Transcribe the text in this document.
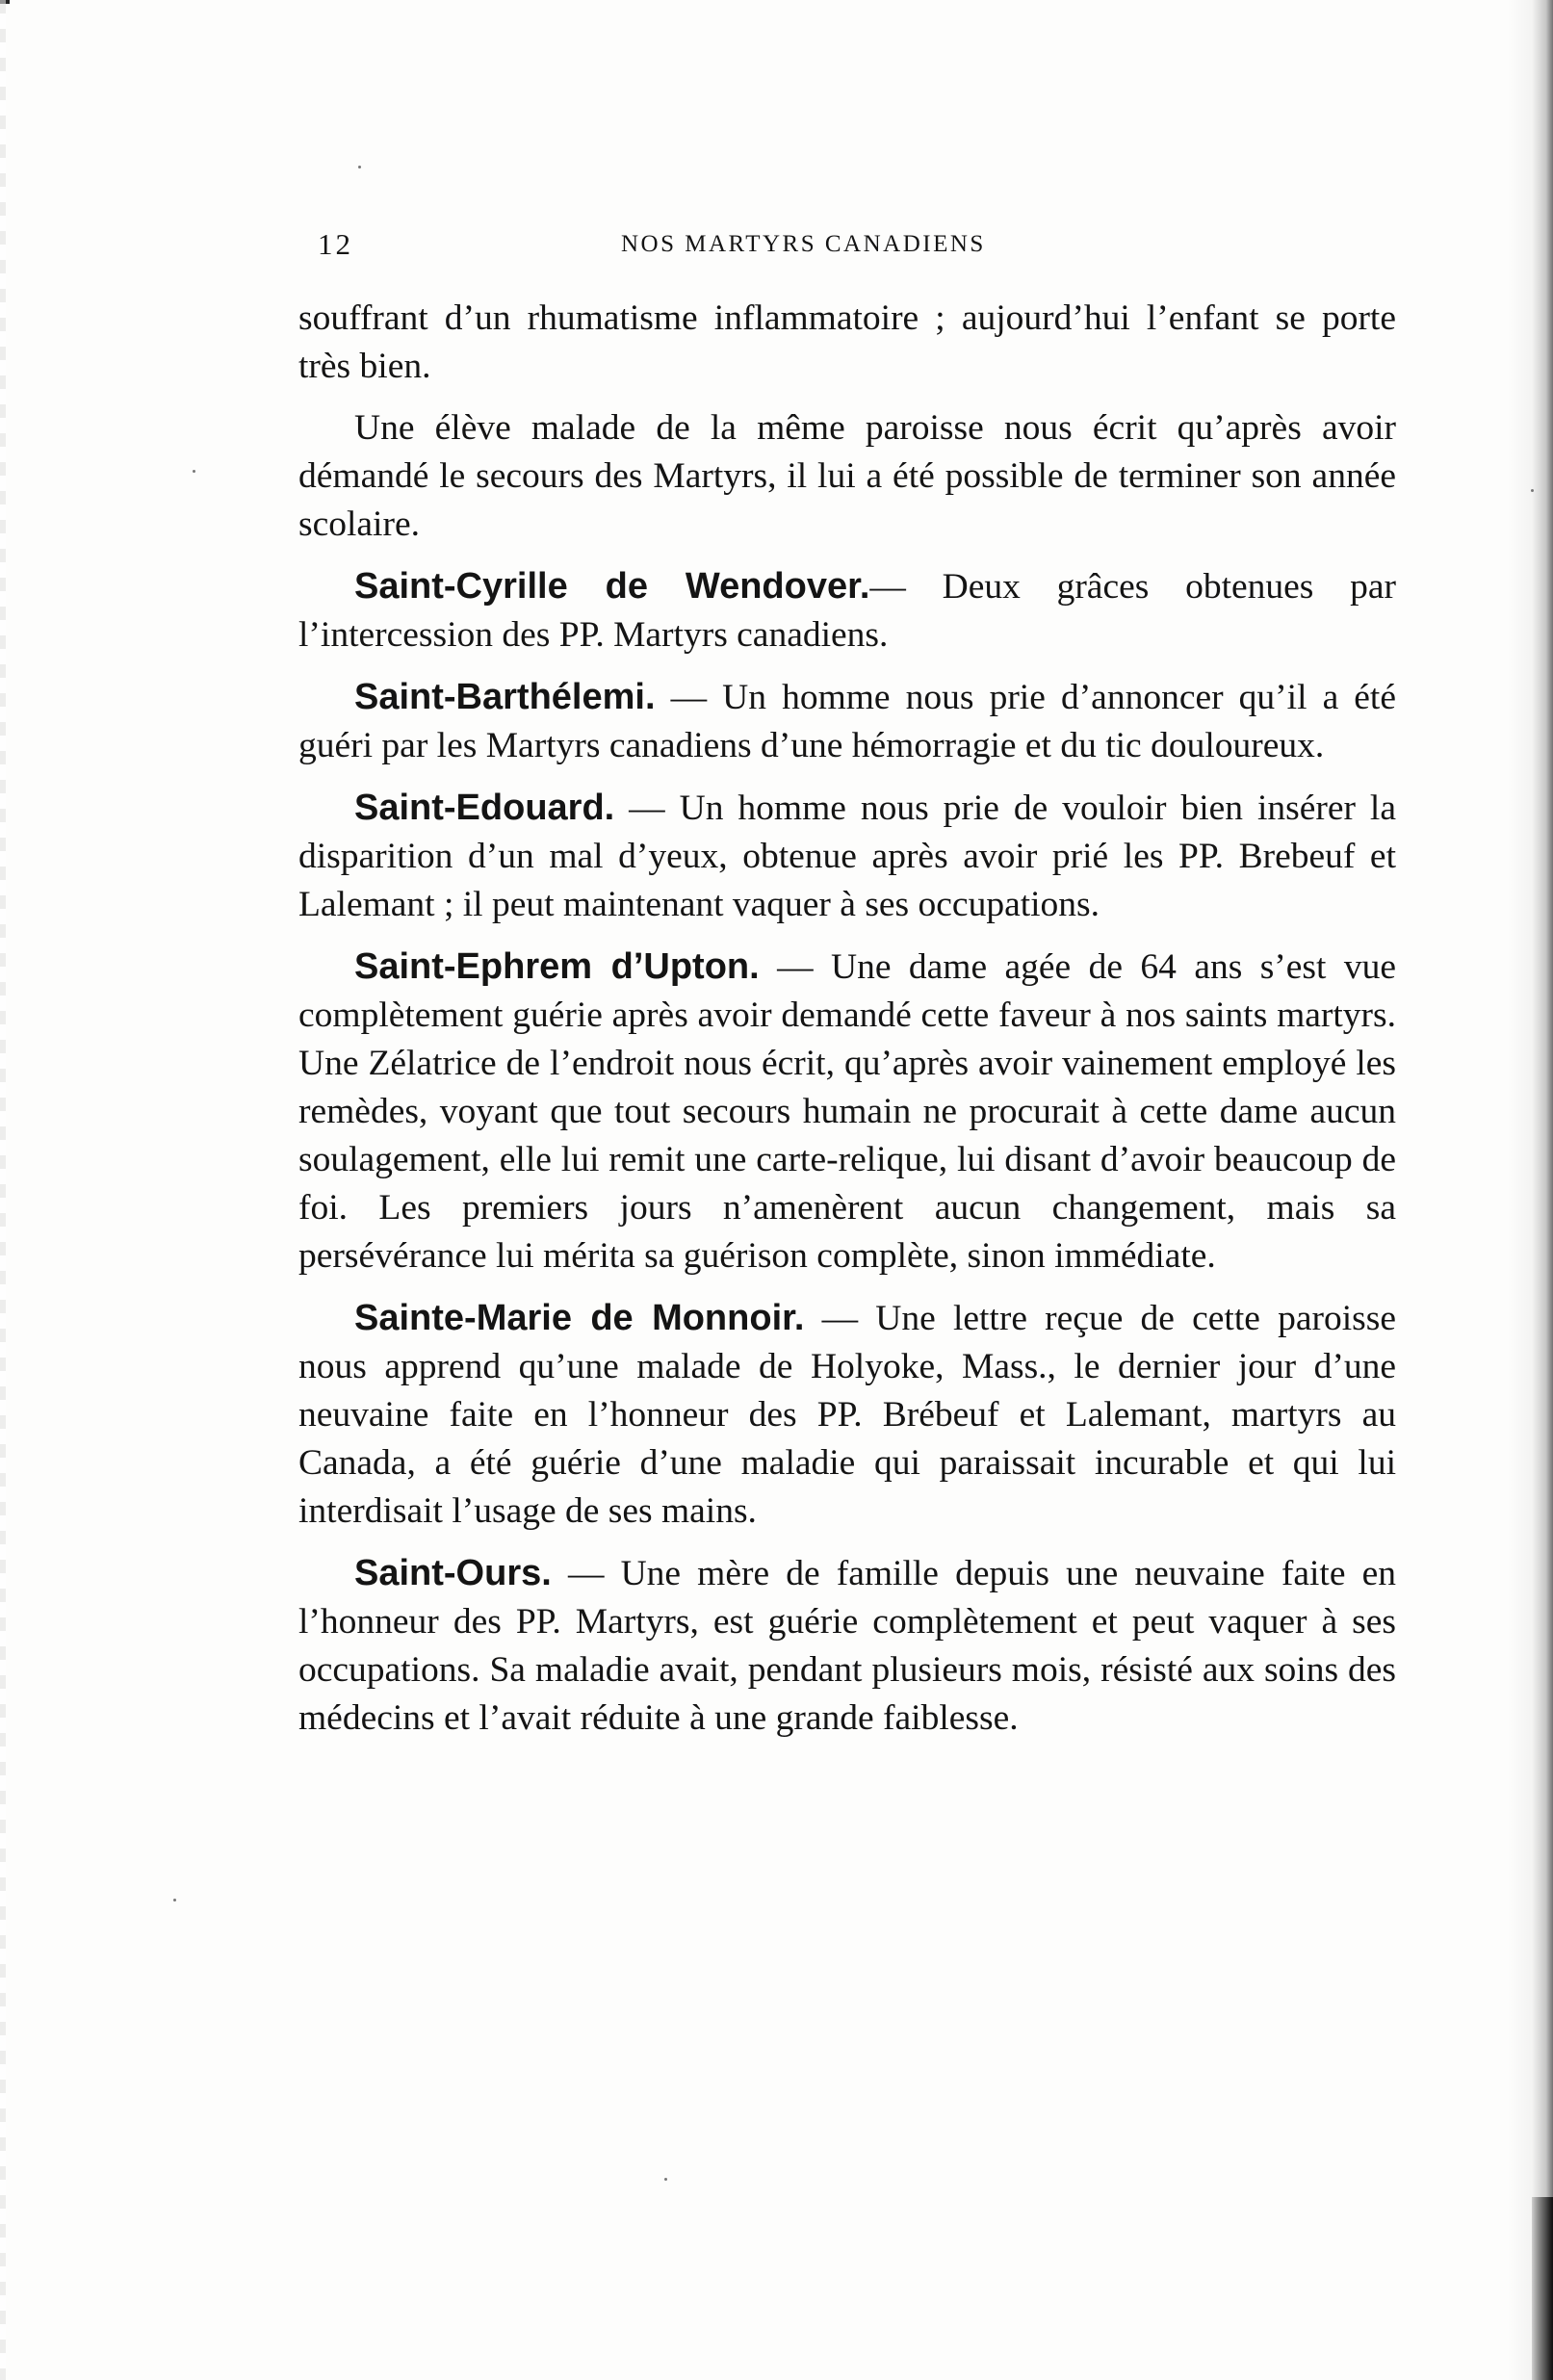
12	NOS MARTYRS CANADIENS

souffrant d’un rhumatisme inflammatoire ; aujourd’hui l’enfant se porte très bien.

Une élève malade de la même paroisse nous écrit qu’après avoir démandé le secours des Martyrs, il lui a été possible de terminer son année scolaire.

Saint-Cyrille de Wendover.— Deux grâces obtenues par l’intercession des PP. Martyrs canadiens.

Saint-Barthélemi. — Un homme nous prie d’annoncer qu’il a été guéri par les Martyrs canadiens d’une hémorragie et du tic douloureux.

Saint-Edouard. — Un homme nous prie de vouloir bien insérer la disparition d’un mal d’yeux, obtenue après avoir prié les PP. Brebeuf et Lalemant ; il peut maintenant vaquer à ses occupations.

Saint-Ephrem d’Upton. — Une dame agée de 64 ans s’est vue complètement guérie après avoir demandé cette faveur à nos saints martyrs. Une Zélatrice de l’endroit nous écrit, qu’après avoir vainement employé les remèdes, voyant que tout secours humain ne procurait à cette dame aucun soulagement, elle lui remit une carte-relique, lui disant d’avoir beaucoup de foi. Les premiers jours n’amenèrent aucun changement, mais sa persévérance lui mérita sa guérison complète, sinon immédiate.

Sainte-Marie de Monnoir. — Une lettre reçue de cette paroisse nous apprend qu’une malade de Holyoke, Mass., le dernier jour d’une neuvaine faite en l’honneur des PP. Brébeuf et Lalemant, martyrs au Canada, a été guérie d’une maladie qui paraissait incurable et qui lui interdisait l’usage de ses mains.

Saint-Ours. — Une mère de famille depuis une neuvaine faite en l’honneur des PP. Martyrs, est guérie complètement et peut vaquer à ses occupations. Sa maladie avait, pendant plusieurs mois, résisté aux soins des médecins et l’avait réduite à une grande faiblesse.
